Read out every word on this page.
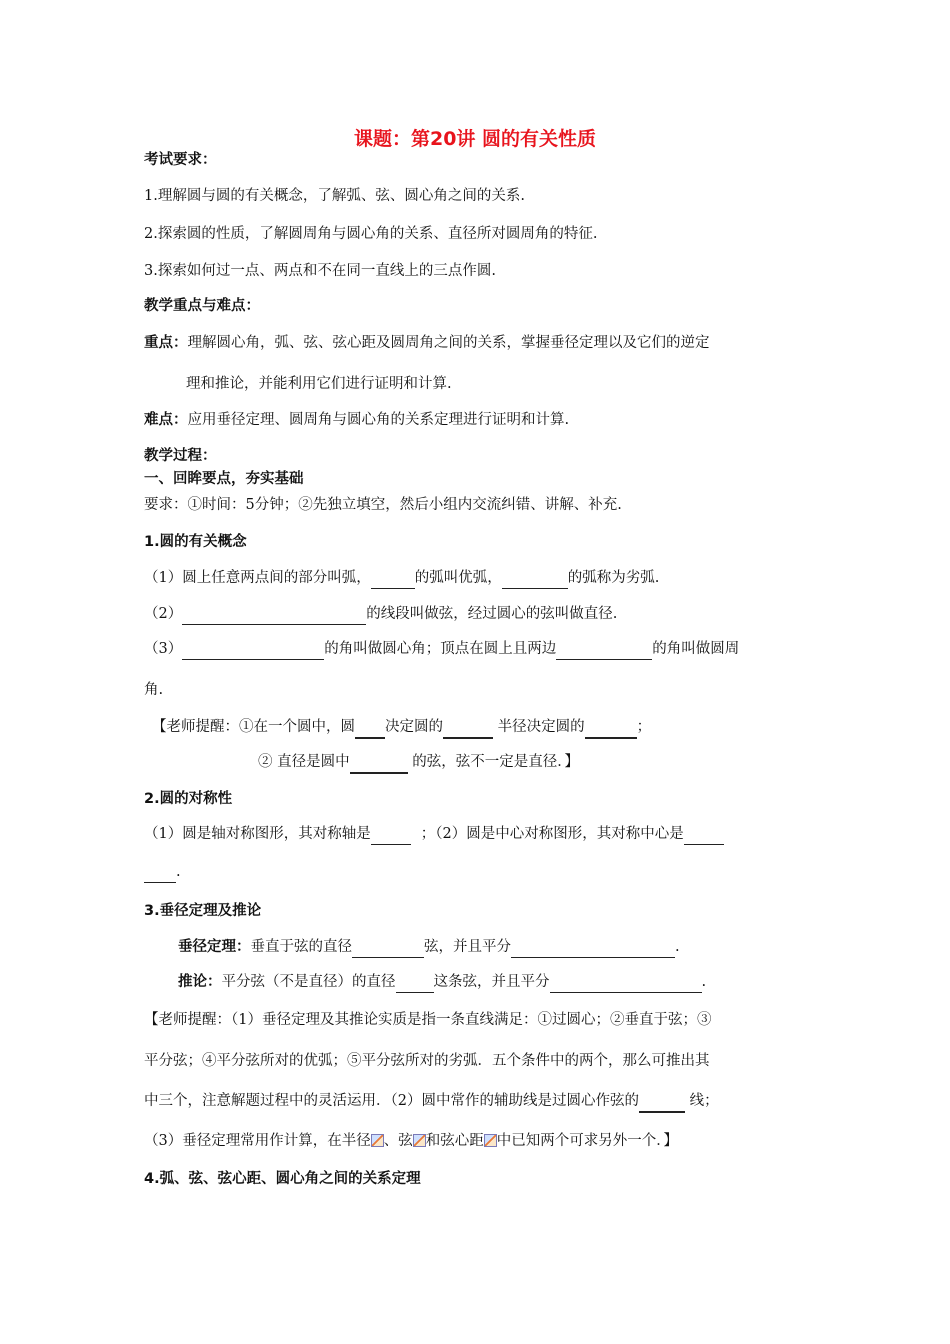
课题：第20讲 圆的有关性质
考试要求：
1.理解圆与圆的有关概念，了解弧、弦、圆心角之间的关系.
2.探索圆的性质，了解圆周角与圆心角的关系、直径所对圆周角的特征.
3.探索如何过一点、两点和不在同一直线上的三点作圆.
教学重点与难点：
重点：理解圆心角，弧、弦、弦心距及圆周角之间的关系，掌握垂径定理以及它们的逆定
理和推论，并能利用它们进行证明和计算.
难点：应用垂径定理、圆周角与圆心角的关系定理进行证明和计算.
教学过程：
一、回眸要点，夯实基础
要求：①时间：5分钟；②先独立填空，然后小组内交流纠错、讲解、补充.
1.圆的有关概念
（1）圆上任意两点间的部分叫弧，	的弧叫优弧，	的弧称为劣弧.
（2）	的线段叫做弦，经过圆心的弦叫做直径.
（3）	的角叫做圆心角；顶点在圆上且两边	的角叫做圆周
角.
【老师提醒：①在一个圆中，圆 决定圆的	半径决定圆的	；
② 直径是圆中	的弦，弦不一定是直径．】
2.圆的对称性
（1）圆是轴对称图形，其对称轴是	；（2）圆是中心对称图形，其对称中心是
.
3.垂径定理及推论
垂径定理：垂直于弦的直径	弦，并且平分	.
推论：平分弦（不是直径）的直径	这条弦，并且平分	.
【老师提醒：（1）垂径定理及其推论实质是指一条直线满足：①过圆心；②垂直于弦；③
平分弦；④平分弦所对的优弧；⑤平分弦所对的劣弧．五个条件中的两个，那么可推出其
中三个，注意解题过程中的灵活运用．（2）圆中常作的辅助线是过圆心作弦的	线；
（3）垂径定理常用作计算，在半径 、弦 和弦心距 中已知两个可求另外一个．】
4.弧、弦、弦心距、圆心角之间的关系定理
